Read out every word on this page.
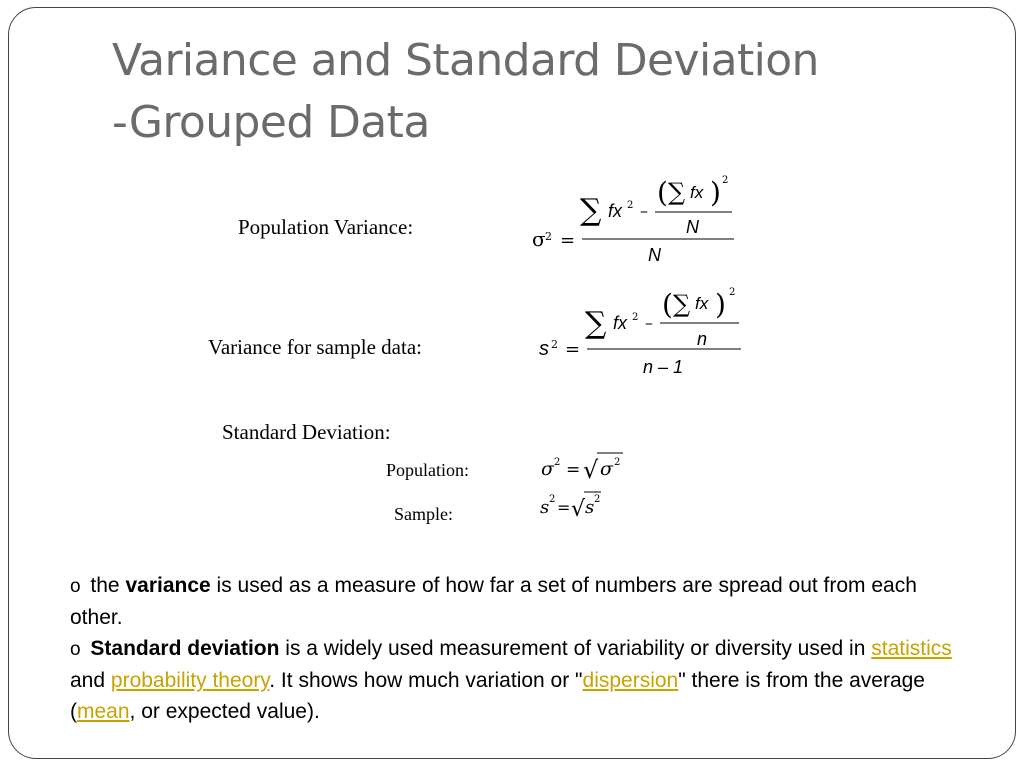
Variance and Standard Deviation
-Grouped Data
Population Variance:	σ 2 =
∑ fx 2 –
( ∑ fx ) 2
N
N
Variance for sample data:	s 2 =
∑ fx 2 –
( ∑ fx ) 2
n
n – 1
Standard Deviation:
Population:	σ 2 = √ σ 2
Sample:	s 2 = √ s 2

o the variance is used as a measure of how far a set of numbers are spread out from each other.

o Standard deviation is a widely used measurement of variability or diversity used in statistics and probability theory. It shows how much variation or "dispersion" there is from the average (mean, or expected value).
